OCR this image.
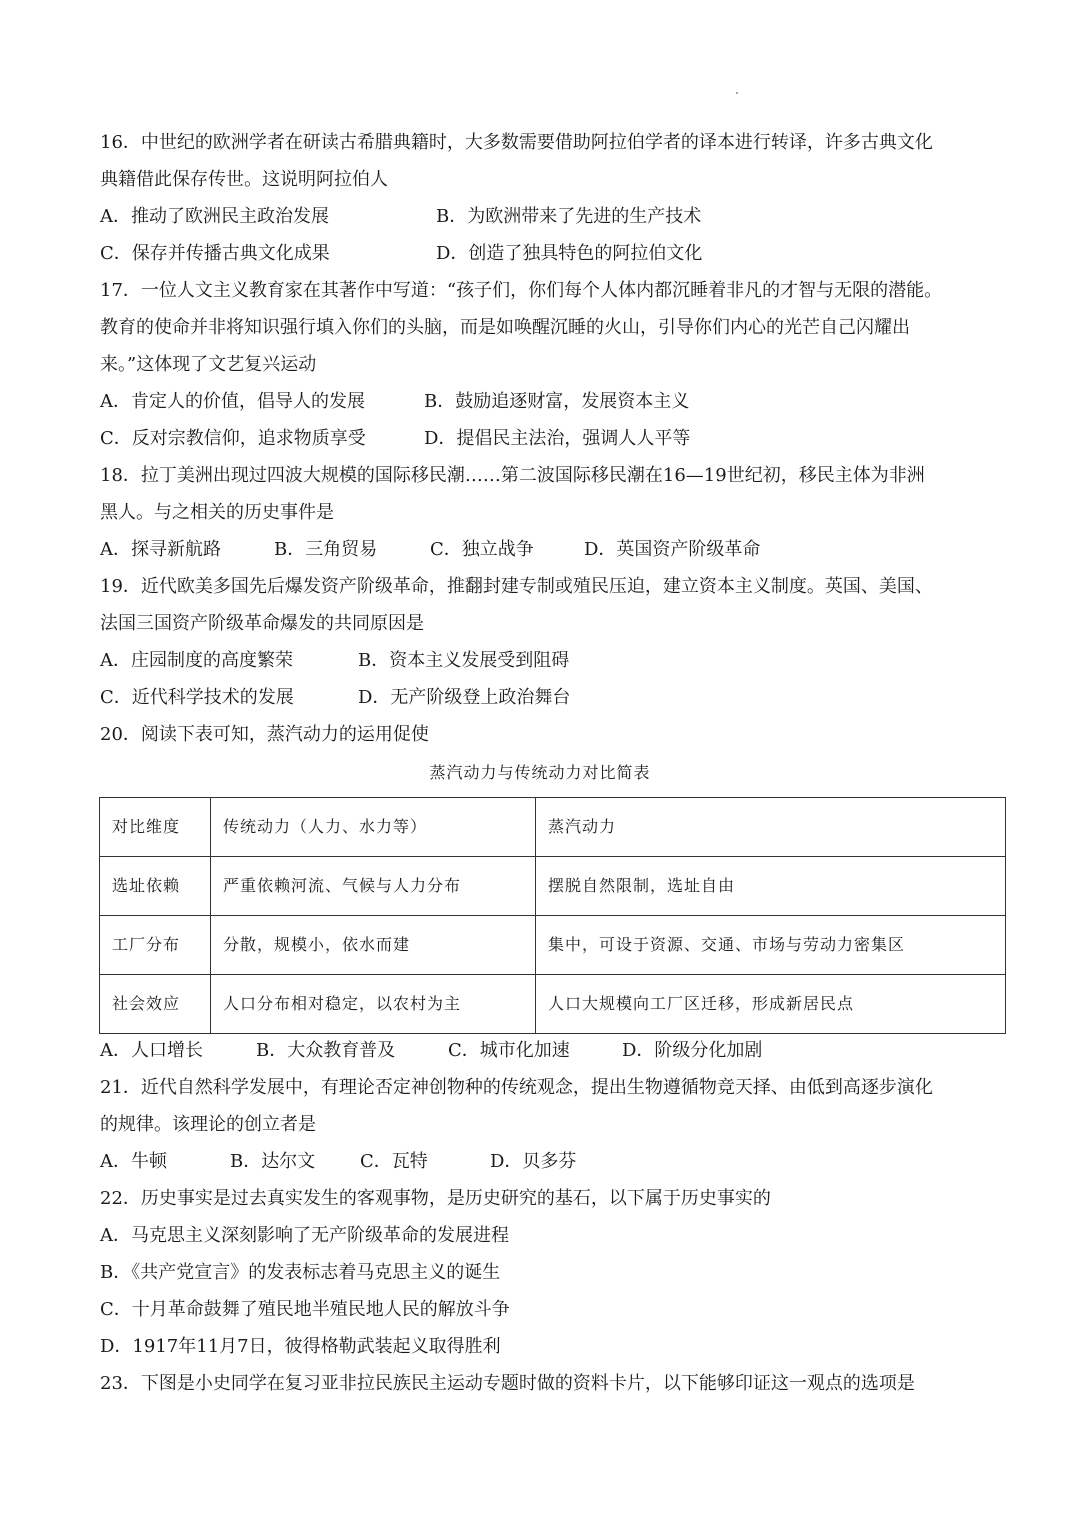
16．中世纪的欧洲学者在研读古希腊典籍时，大多数需要借助阿拉伯学者的译本进行转译，许多古典文化
典籍借此保存传世。这说明阿拉伯人
A．推动了欧洲民主政治发展	B．为欧洲带来了先进的生产技术
C．保存并传播古典文化成果	D．创造了独具特色的阿拉伯文化
17．一位人文主义教育家在其著作中写道：“孩子们，你们每个人体内都沉睡着非凡的才智与无限的潜能。
教育的使命并非将知识强行填入你们的头脑，而是如唤醒沉睡的火山，引导你们内心的光芒自己闪耀出
来。”这体现了文艺复兴运动
A．肯定人的价值，倡导人的发展	B．鼓励追逐财富，发展资本主义
C．反对宗教信仰，追求物质享受	D．提倡民主法治，强调人人平等
18．拉丁美洲出现过四波大规模的国际移民潮……第二波国际移民潮在16—19世纪初，移民主体为非洲
黑人。与之相关的历史事件是
A．探寻新航路	B．三角贸易	C．独立战争	D．英国资产阶级革命
19．近代欧美多国先后爆发资产阶级革命，推翻封建专制或殖民压迫，建立资本主义制度。英国、美国、
法国三国资产阶级革命爆发的共同原因是
A．庄园制度的高度繁荣	B．资本主义发展受到阻碍
C．近代科学技术的发展	D．无产阶级登上政治舞台
20．阅读下表可知，蒸汽动力的运用促使
蒸汽动力与传统动力对比简表
对比维度	传统动力（人力、水力等）	蒸汽动力
选址依赖	严重依赖河流、气候与人力分布	摆脱自然限制，选址自由
工厂分布	分散，规模小，依水而建	集中，可设于资源、交通、市场与劳动力密集区
社会效应	人口分布相对稳定，以农村为主	人口大规模向工厂区迁移，形成新居民点
A．人口增长	B．大众教育普及	C．城市化加速	D．阶级分化加剧
21．近代自然科学发展中，有理论否定神创物种的传统观念，提出生物遵循物竞天择、由低到高逐步演化
的规律。该理论的创立者是
A．牛顿	B．达尔文 C．瓦特	D．贝多芬
22．历史事实是过去真实发生的客观事物，是历史研究的基石，以下属于历史事实的
A．马克思主义深刻影响了无产阶级革命的发展进程
B．《共产党宣言》的发表标志着马克思主义的诞生
C．十月革命鼓舞了殖民地半殖民地人民的解放斗争
D．1917年11月7日，彼得格勒武装起义取得胜利
23．下图是小史同学在复习亚非拉民族民主运动专题时做的资料卡片，以下能够印证这一观点的选项是
